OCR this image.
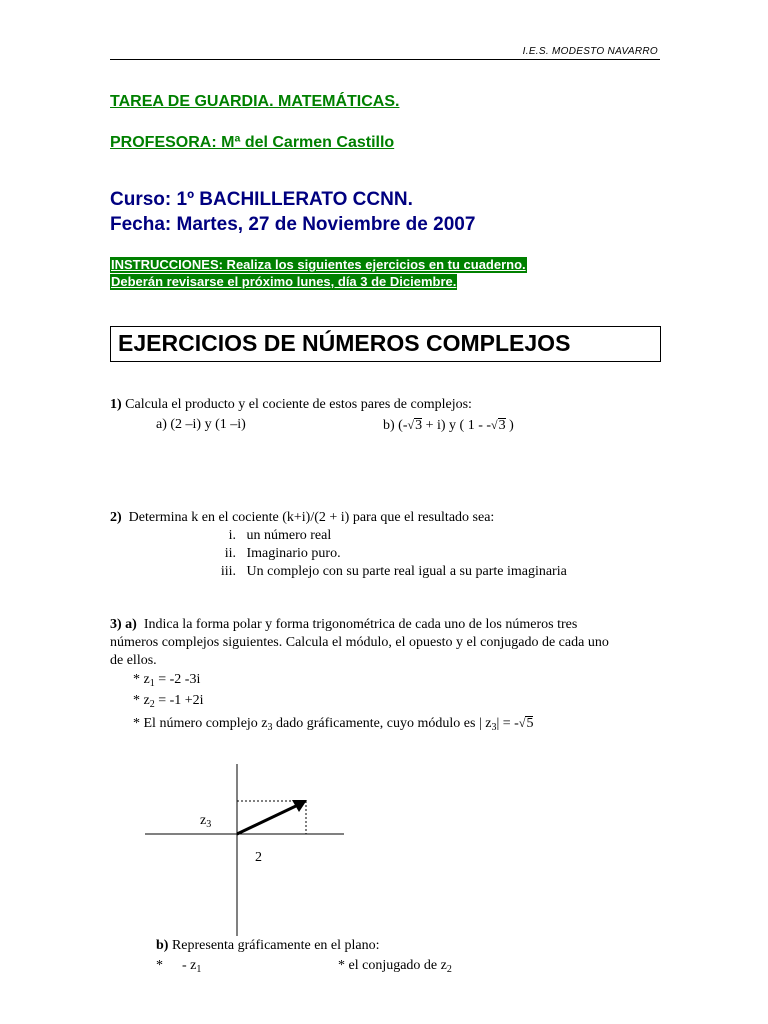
I.E.S. MODESTO NAVARRO
TAREA DE GUARDIA. MATEMÁTICAS.
PROFESORA: Mª del Carmen Castillo
Curso: 1º BACHILLERATO CCNN.
Fecha: Martes, 27 de Noviembre de 2007
INSTRUCCIONES: Realiza los siguientes ejercicios en tu cuaderno.
Deberán revisarse el próximo lunes, día 3 de Diciembre.
EJERCICIOS DE NÚMEROS COMPLEJOS
1) Calcula el producto y el cociente de estos pares de complejos:
a) (2 –i) y (1 –i)	b) (-√3 + i) y ( 1 - -√3 )
2) Determina k en el cociente (k+i)/(2 + i) para que el resultado sea:
i. un número real
ii. Imaginario puro.
iii. Un complejo con su parte real igual a su parte imaginaria
3) a) Indica la forma polar y forma trigonométrica de cada uno de los números tres
números complejos siguientes. Calcula el módulo, el opuesto y el conjugado de cada uno
de ellos.
* $z_1 = -2$ -3i
* $z_2 = -1 +2i$
* El número complejo $z_3$ dado gráficamente, cuyo módulo es | $z_3| = -√5$
$z_3$
2
b) Representa gráficamente en el plano:
* - $z_1$	* el conjugado de $z_2$
